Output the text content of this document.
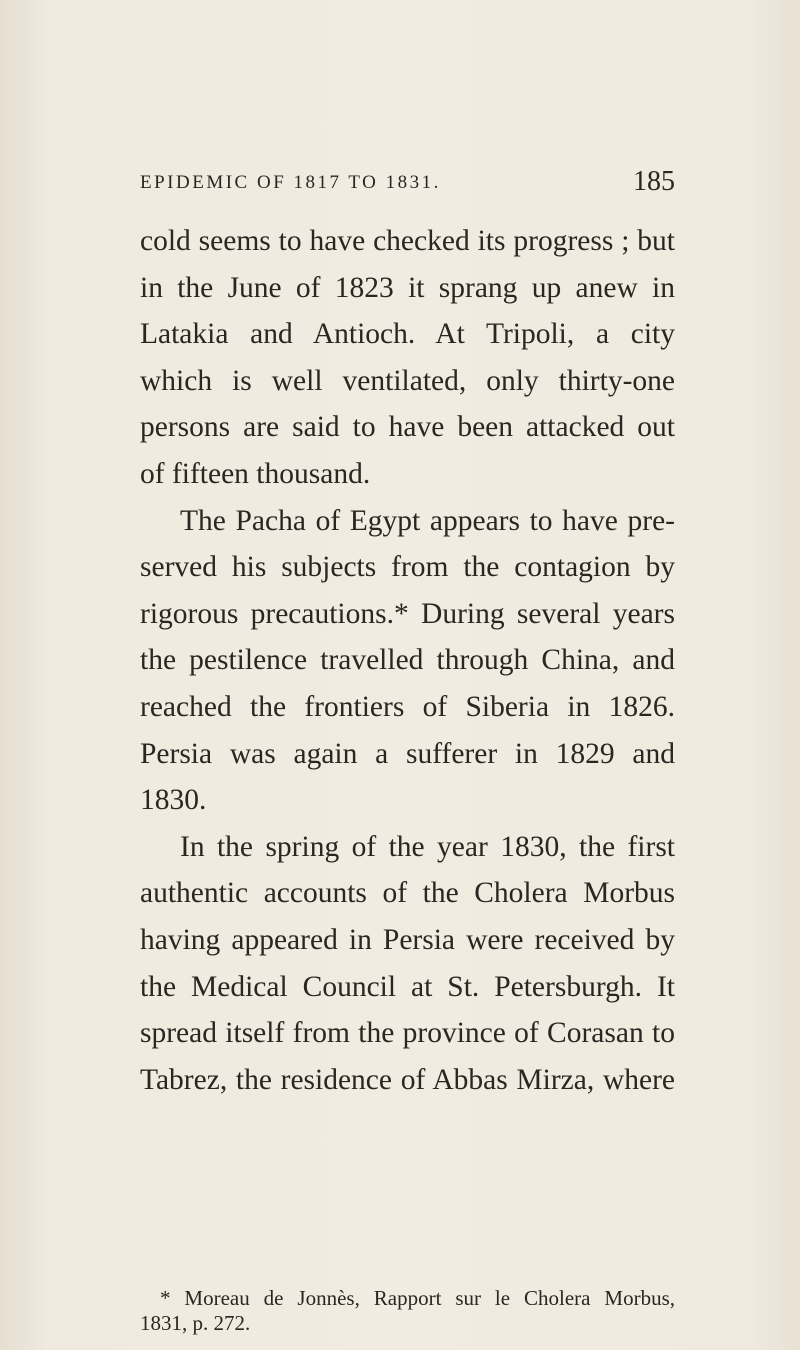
EPIDEMIC OF 1817 TO 1831.	185
cold seems to have checked its progress ; but
in the June of 1823 it sprang up anew in
Latakia and Antioch. At Tripoli, a city
which is well ventilated, only thirty-one
persons are said to have been attacked out
of fifteen thousand.
The Pacha of Egypt appears to have pre-
served his subjects from the contagion by
rigorous precautions.* During several years
the pestilence travelled through China, and
reached the frontiers of Siberia in 1826.
Persia was again a sufferer in 1829 and
1830.
In the spring of the year 1830, the first
authentic accounts of the Cholera Morbus
having appeared in Persia were received by
the Medical Council at St. Petersburgh. It
spread itself from the province of Corasan to
Tabrez, the residence of Abbas Mirza, where
* Moreau de Jonnès, Rapport sur le Cholera Morbus,
1831, p. 272.
